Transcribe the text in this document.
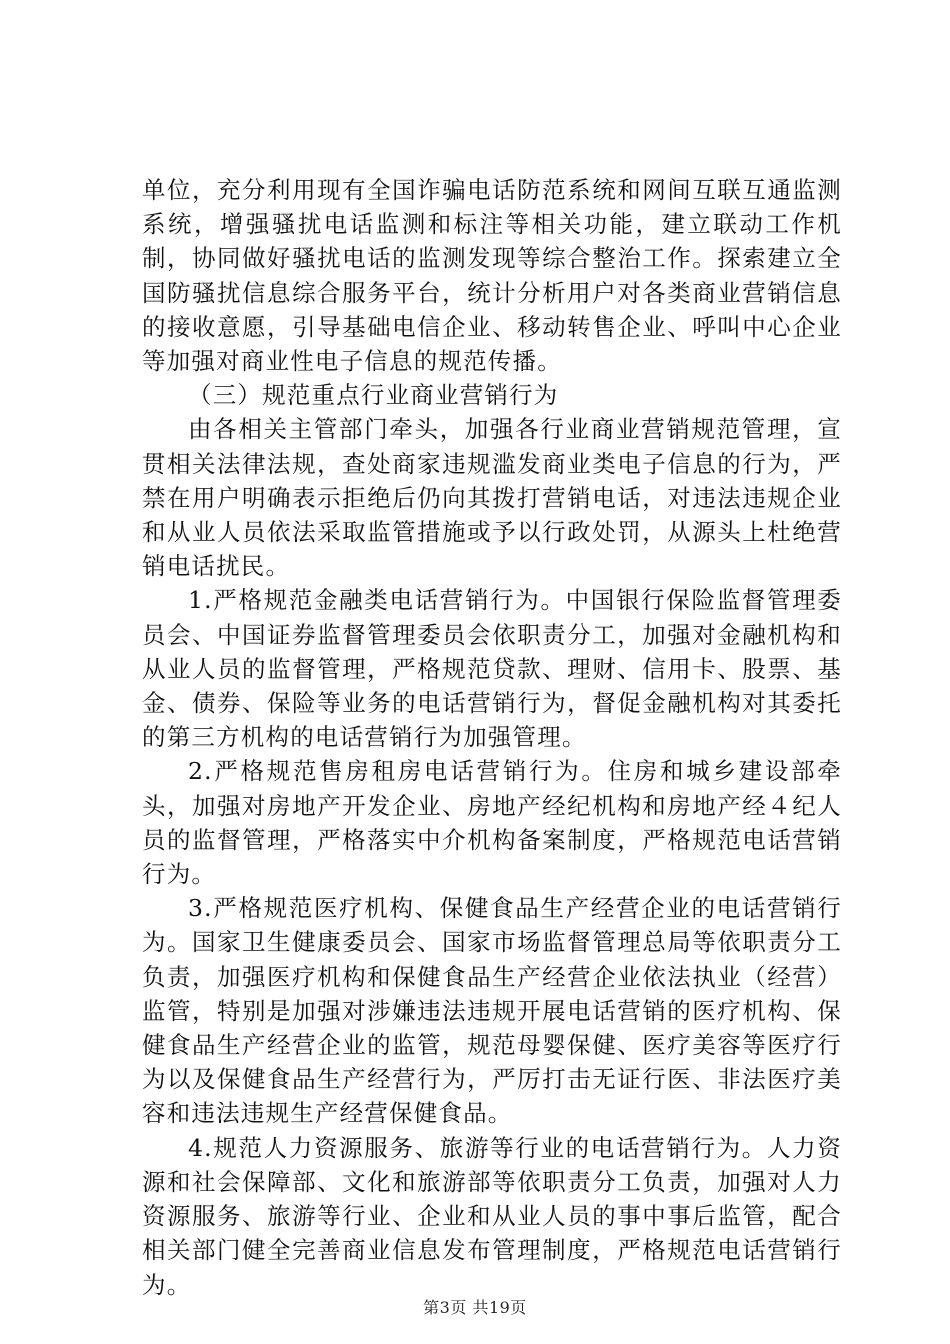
单位，充分利用现有全国诈骗电话防范系统和网间互联互通监测系统，增强骚扰电话监测和标注等相关功能，建立联动工作机制，协同做好骚扰电话的监测发现等综合整治工作。探索建立全国防骚扰信息综合服务平台，统计分析用户对各类商业营销信息的接收意愿，引导基础电信企业、移动转售企业、呼叫中心企业等加强对商业性电子信息的规范传播。

（三）规范重点行业商业营销行为

由各相关主管部门牵头，加强各行业商业营销规范管理，宣贯相关法律法规，查处商家违规滥发商业类电子信息的行为，严禁在用户明确表示拒绝后仍向其拨打营销电话，对违法违规企业和从业人员依法采取监管措施或予以行政处罚，从源头上杜绝营销电话扰民。

1.严格规范金融类电话营销行为。中国银行保险监督管理委员会、中国证券监督管理委员会依职责分工，加强对金融机构和从业人员的监督管理，严格规范贷款、理财、信用卡、股票、基金、债券、保险等业务的电话营销行为，督促金融机构对其委托的第三方机构的电话营销行为加强管理。

2.严格规范售房租房电话营销行为。住房和城乡建设部牵头，加强对房地产开发企业、房地产经纪机构和房地产经４纪人员的监督管理，严格落实中介机构备案制度，严格规范电话营销行为。

3.严格规范医疗机构、保健食品生产经营企业的电话营销行为。国家卫生健康委员会、国家市场监督管理总局等依职责分工负责，加强医疗机构和保健食品生产经营企业依法执业（经营）监管，特别是加强对涉嫌违法违规开展电话营销的医疗机构、保健食品生产经营企业的监管，规范母婴保健、医疗美容等医疗行为以及保健食品生产经营行为，严厉打击无证行医、非法医疗美容和违法违规生产经营保健食品。

4.规范人力资源服务、旅游等行业的电话营销行为。人力资源和社会保障部、文化和旅游部等依职责分工负责，加强对人力资源服务、旅游等行业、企业和从业人员的事中事后监管，配合相关部门健全完善商业信息发布管理制度，严格规范电话营销行为。

第3页 共19页
